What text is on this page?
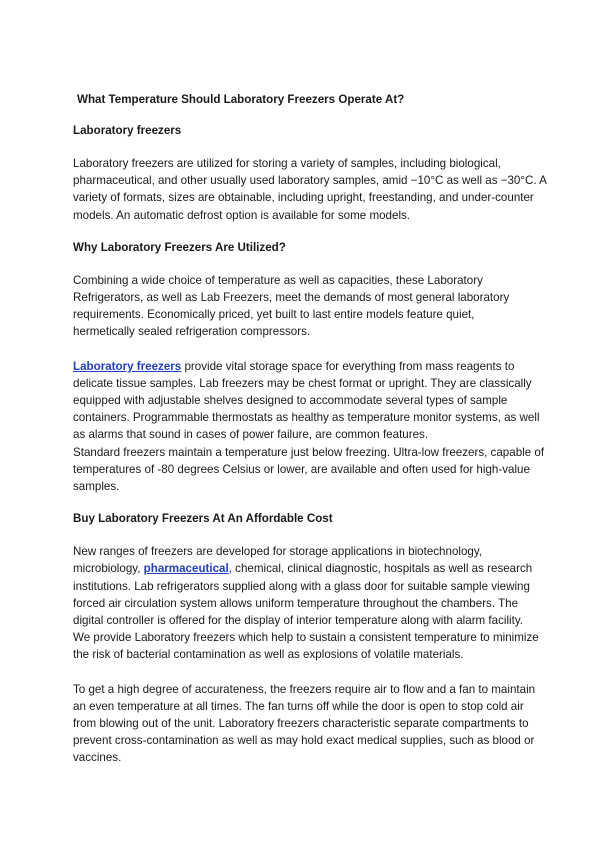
What Temperature Should Laboratory Freezers Operate At?
Laboratory freezers

Laboratory freezers are utilized for storing a variety of samples, including biological,
pharmaceutical, and other usually used laboratory samples, amid −10°C as well as −30°C. A
variety of formats, sizes are obtainable, including upright, freestanding, and under-counter
models. An automatic defrost option is available for some models.

Why Laboratory Freezers Are Utilized?

Combining a wide choice of temperature as well as capacities, these Laboratory
Refrigerators, as well as Lab Freezers, meet the demands of most general laboratory
requirements. Economically priced, yet built to last entire models feature quiet,
hermetically sealed refrigeration compressors.

Laboratory freezers provide vital storage space for everything from mass reagents to
delicate tissue samples. Lab freezers may be chest format or upright. They are classically
equipped with adjustable shelves designed to accommodate several types of sample
containers. Programmable thermostats as healthy as temperature monitor systems, as well
as alarms that sound in cases of power failure, are common features.
Standard freezers maintain a temperature just below freezing. Ultra-low freezers, capable of
temperatures of -80 degrees Celsius or lower, are available and often used for high-value
samples.

Buy Laboratory Freezers At An Affordable Cost

New ranges of freezers are developed for storage applications in biotechnology,
microbiology, pharmaceutical, chemical, clinical diagnostic, hospitals as well as research
institutions. Lab refrigerators supplied along with a glass door for suitable sample viewing
forced air circulation system allows uniform temperature throughout the chambers. The
digital controller is offered for the display of interior temperature along with alarm facility.
We provide Laboratory freezers which help to sustain a consistent temperature to minimize
the risk of bacterial contamination as well as explosions of volatile materials.

To get a high degree of accurateness, the freezers require air to flow and a fan to maintain
an even temperature at all times. The fan turns off while the door is open to stop cold air
from blowing out of the unit. Laboratory freezers characteristic separate compartments to
prevent cross-contamination as well as may hold exact medical supplies, such as blood or
vaccines.
